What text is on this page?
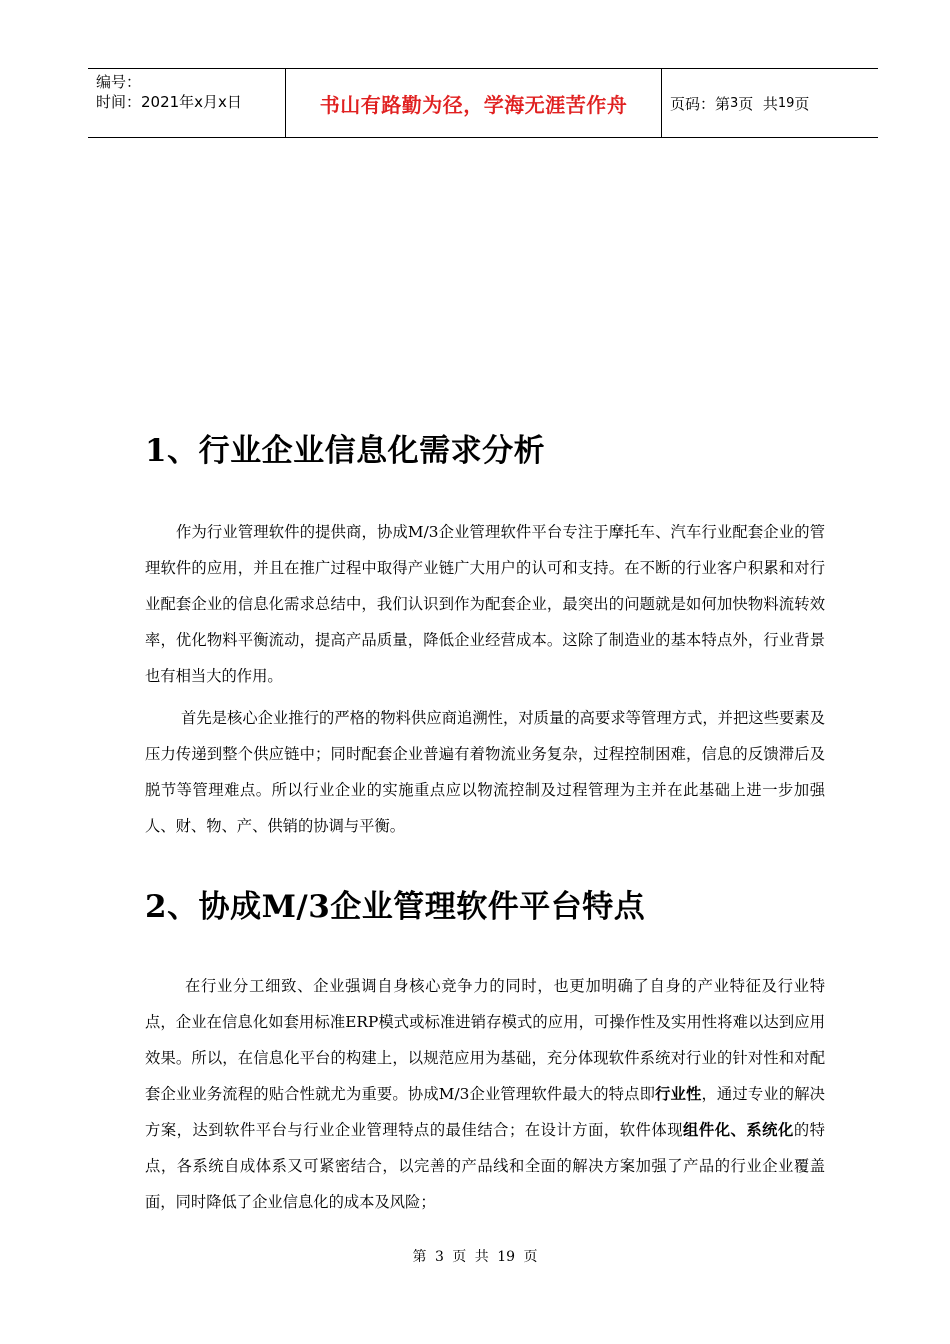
编号：
时间：2021年x月x日	书山有路勤为径，学海无涯苦作舟	页码：第 3 页  共 19 页
1、行业企业信息化需求分析

作为行业管理软件的提供商，协成M/3企业管理软件平台专注于摩托车、汽车行业配套企业的管理软件的应用，并且在推广过程中取得产业链广大用户的认可和支持。在不断的行业客户积累和对行业配套企业的信息化需求总结中，我们认识到作为配套企业，最突出的问题就是如何加快物料流转效率，优化物料平衡流动，提高产品质量，降低企业经营成本。这除了制造业的基本特点外，行业背景也有相当大的作用。

首先是核心企业推行的严格的物料供应商追溯性，对质量的高要求等管理方式，并把这些要素及压力传递到整个供应链中；同时配套企业普遍有着物流业务复杂，过程控制困难，信息的反馈滞后及脱节等管理难点。所以行业企业的实施重点应以物流控制及过程管理为主并在此基础上进一步加强人、财、物、产、供销的协调与平衡。

2、协成M/3企业管理软件平台特点

在行业分工细致、企业强调自身核心竞争力的同时，也更加明确了自身的产业特征及行业特点，企业在信息化如套用标准ERP模式或标准进销存模式的应用，可操作性及实用性将难以达到应用效果。所以，在信息化平台的构建上，以规范应用为基础，充分体现软件系统对行业的针对性和对配套企业业务流程的贴合性就尤为重要。协成M/3企业管理软件最大的特点即行业性，通过专业的解决方案，达到软件平台与行业企业管理特点的最佳结合；在设计方面，软件体现组件化、系统化的特点，各系统自成体系又可紧密结合，以完善的产品线和全面的解决方案加强了产品的行业企业覆盖面，同时降低了企业信息化的成本及风险；

第 3 页 共 19 页
